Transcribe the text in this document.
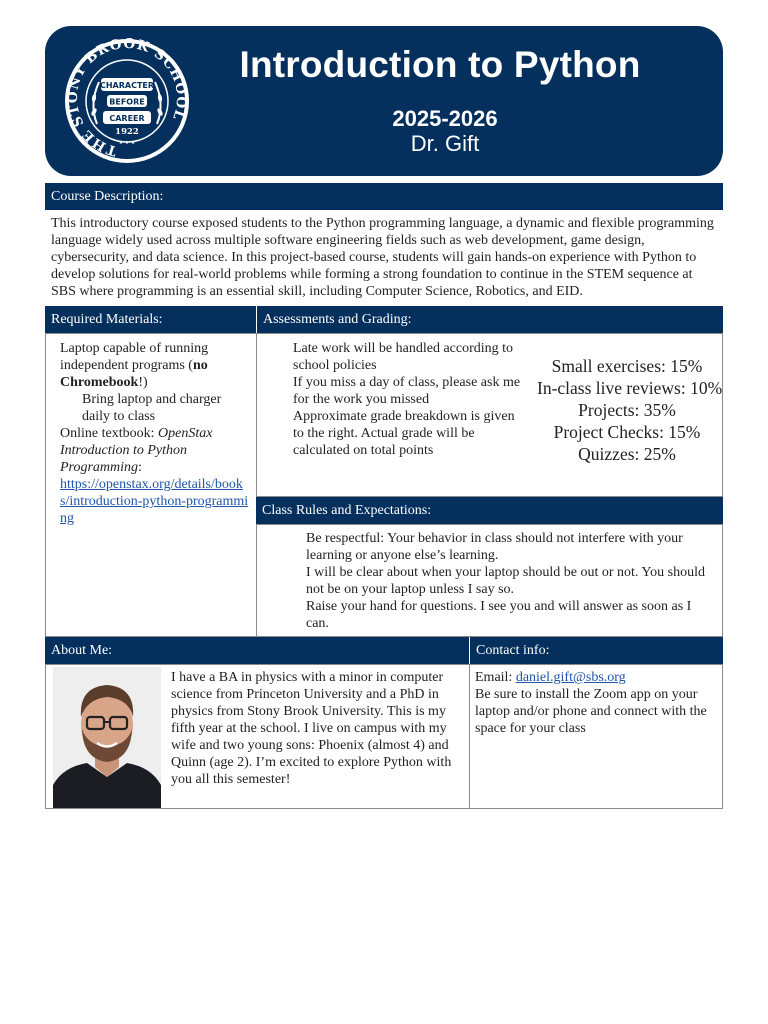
THE STONY BROOK SCHOOL
CHARACTER
BEFORE
CAREER
1922
★ ★ ★
Introduction to Python
2025-2026
Dr. Gift
Course Description:
This introductory course exposed students to the Python programming language, a dynamic and flexible programming language widely used across multiple software engineering fields such as web development, game design, cybersecurity, and data science. In this project-based course, students will gain hands-on experience with Python to develop solutions for real-world problems while forming a strong foundation to continue in the STEM sequence at SBS where programming is an essential skill, including Computer Science, Robotics, and EID.
Required Materials:	Assessments and Grading:

Laptop capable of running independent programs (no Chromebook!)

Bring laptop and charger daily to class

Online textbook: OpenStax Introduction to Python Programming:

https://openstax.org/details/books/introduction-python-programming

Late work will be handled according to school policies

If you miss a day of class, please ask me for the work you missed

Approximate grade breakdown is given to the right. Actual grade will be calculated on total points

Small exercises: 15%
In-class live reviews: 10%
Projects: 35%
Project Checks: 15%
Quizzes: 25%
Class Rules and Expectations:

Be respectful: Your behavior in class should not interfere with your learning or anyone else’s learning.

I will be clear about when your laptop should be out or not. You should not be on your laptop unless I say so.

Raise your hand for questions. I see you and will answer as soon as I can.

About Me:	Contact info:
I have a BA in physics with a minor in computer science from Princeton University and a PhD in physics from Stony Brook University. This is my fifth year at the school. I live on campus with my wife and two young sons: Phoenix (almost 4) and Quinn (age 2). I’m excited to explore Python with you all this semester!

Email: daniel.gift@sbs.org

Be sure to install the Zoom app on your laptop and/or phone and connect with the space for your class
